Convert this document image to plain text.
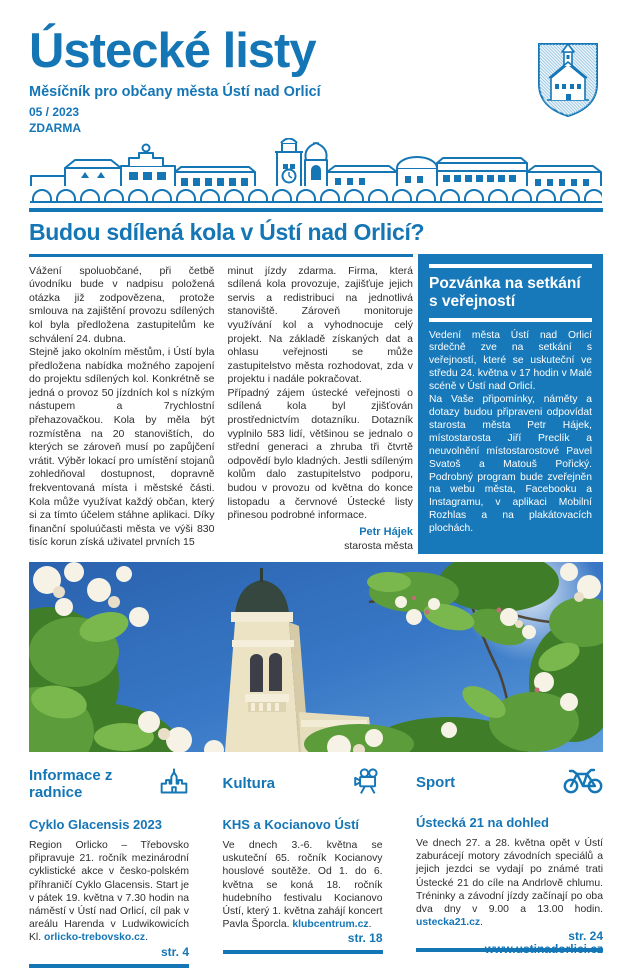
Ústecké listy
Měsíčník pro občany města Ústí nad Orlicí
05 / 2023
ZDARMA
Budou sdílená kola v Ústí nad Orlicí?

Vážení spoluobčané, při četbě úvodníku bude v nadpisu položená otázka již zodpovězena, protože smlouva na zajištění provozu sdílených kol byla předložena zastupitelům ke schválení 24. dubna.

Stejně jako okolním městům, i Ústí byla předložena nabídka možného zapojení do projektu sdílených kol. Konkrétně se jedná o provoz 50 jízdních kol s nízkým nástupem a 7rychlostní přehazovačkou. Kola by měla být rozmístěna na 20 stanovištích, do kterých se zároveň musí po zapůjčení vrátit. Výběr lokací pro umístění stojanů zohledňoval dostupnost, dopravně frekventovaná místa i městské části. Kola může využívat každý občan, který si za tímto účelem stáhne aplikaci. Díky finanční spoluúčasti města ve výši 830 tisíc korun získá uživatel prvních 15

minut jízdy zdarma. Firma, která sdílená kola provozuje, zajišťuje jejich servis a redistribuci na jednotlivá stanoviště. Zároveň monitoruje využívání kol a vyhodnocuje celý projekt. Na základě získaných dat a ohlasu veřejnosti se může zastupitelstvo města rozhodovat, zda v projektu i nadále pokračovat.

Případný zájem ústecké veřejnosti o sdílená kola byl zjišťován prostřednictvím dotazníku. Dotazník vyplnilo 583 lidí, většinou se jednalo o střední generaci a zhruba tři čtvrtě odpovědí bylo kladných. Jestli sdíleným kolům dalo zastupitelstvo podporu, budou v provozu od května do konce listopadu a červnové Ústecké listy přinesou podrobné informace.

Petr Hájek
starosta města
Pozvánka na setkání s veřejností

Vedení města Ústí nad Orlicí srdečně zve na setkání s veřejností, které se uskuteční ve středu 24. května v 17 hodin v Malé scéně v Ústí nad Orlicí.

Na Vaše připomínky, náměty a dotazy budou připraveni odpovídat starosta města Petr Hájek, místostarosta Jiří Preclík a neuvolnění místostarostové Pavel Svatoš a Matouš Pořický. Podrobný program bude zveřejněn na webu města, Facebooku a Instagramu, v aplikaci Mobilní Rozhlas a na plakátovacích plochách.

Informace z radnice
Cyklo Glacensis 2023
Region Orlicko – Třebovsko připravuje 21. ročník mezinárodní cyklistické akce v česko-polském příhraničí Cyklo Glacensis. Start je v pátek 19. května v 7.30 hodin na náměstí v Ústí nad Orlicí, cíl pak v areálu Harenda v Ludwikowicích Kl. orlicko-trebovsko.cz.
str. 4
Kultura
KHS a Kocianovo Ústí
Ve dnech 3.-6. května se uskuteční 65. ročník Kocianovy houslové soutěže. Od 1. do 6. května se koná 18. ročník hudebního festivalu Kocianovo Ústí, který 1. května zahájí koncert Pavla Šporcla. klubcentrum.cz.
str. 18
Sport
Ústecká 21 na dohled
Ve dnech 27. a 28. května opět v Ústí zaburácejí motory závodních speciálů a jejich jezdci se vydají po známé trati Ústecké 21 do cíle na Andrlově chlumu. Tréninky a závodní jízdy začínají po oba dva dny v 9.00 a 13.00 hodin. ustecka21.cz.
str. 24
www.ustinadorlici.cz
